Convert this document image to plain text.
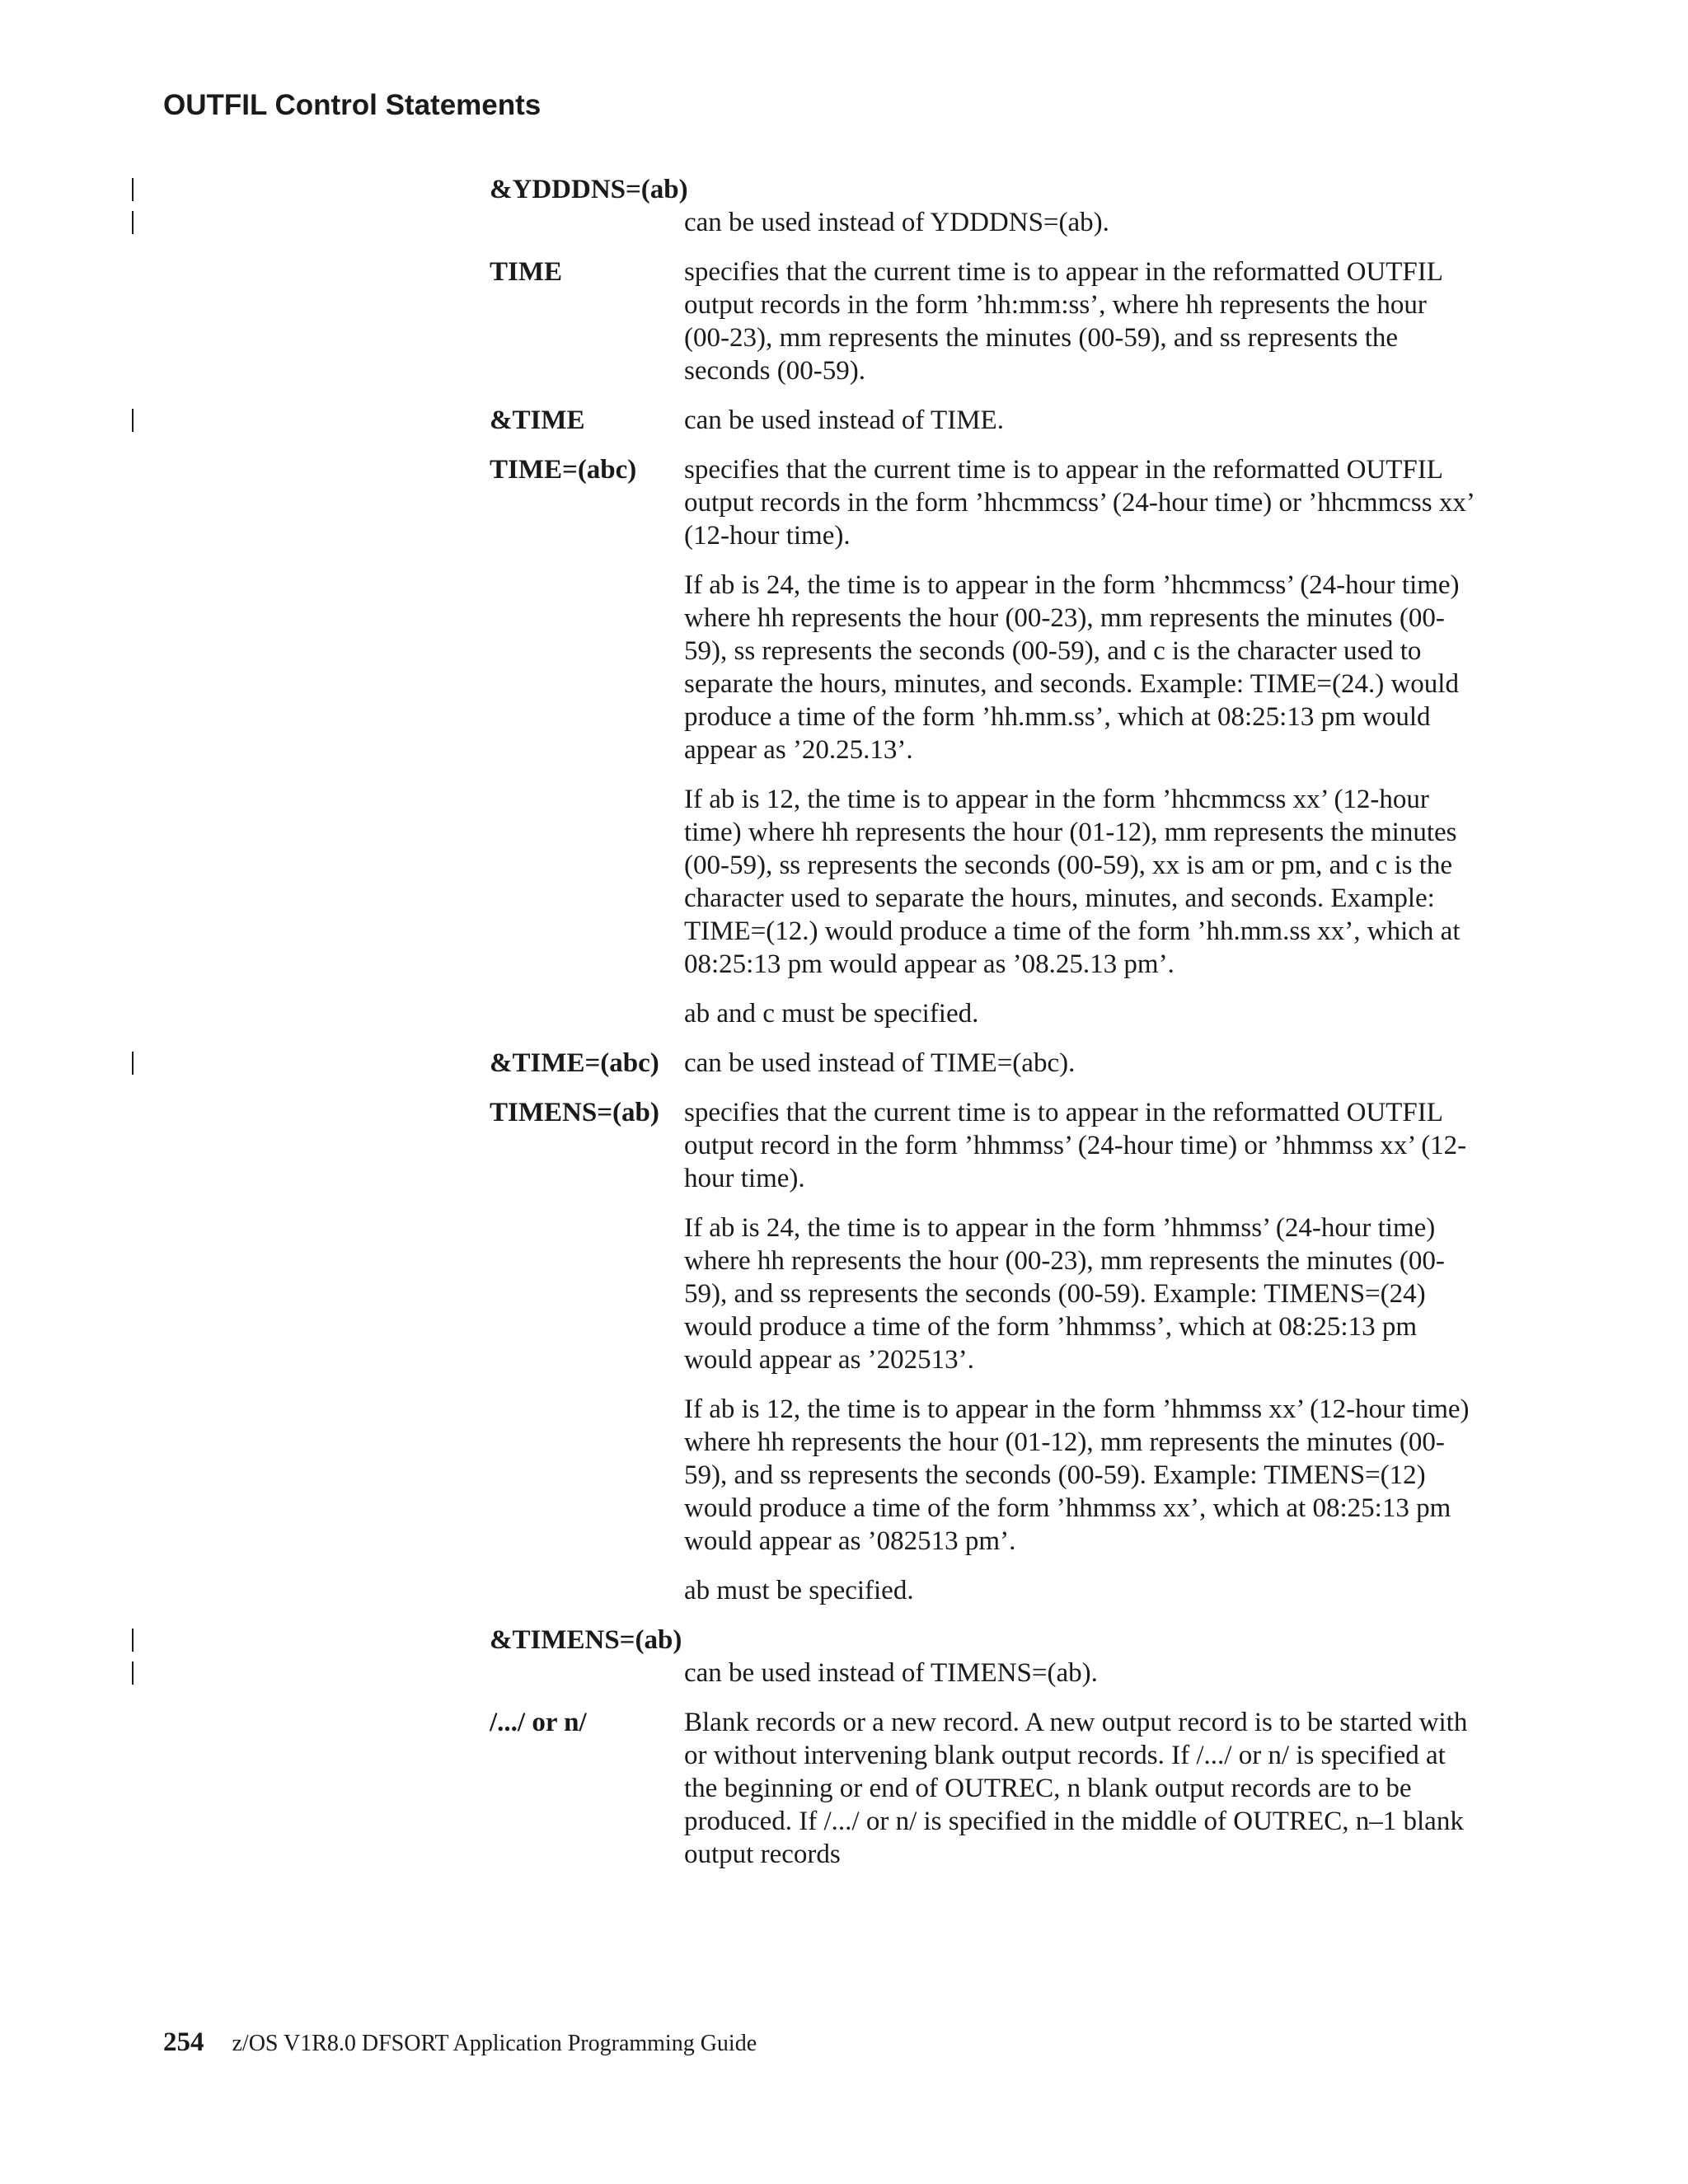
OUTFIL Control Statements
&YDDDNS=(ab)

can be used instead of YDDDNS=(ab).

TIME	specifies that the current time is to appear in the reformatted OUTFIL output records in the form ’hh:mm:ss’, where hh represents the hour (00-23), mm represents the minutes (00-59), and ss represents the seconds (00-59).

&TIME	can be used instead of TIME.

TIME=(abc) specifies that the current time is to appear in the reformatted OUTFIL output records in the form ’hhcmmcss’ (24-hour time) or ’hhcmmcss xx’ (12-hour time).

If ab is 24, the time is to appear in the form ’hhcmmcss’ (24-hour time) where hh represents the hour (00-23), mm represents the minutes (00-59), ss represents the seconds (00-59), and c is the character used to separate the hours, minutes, and seconds. Example: TIME=(24.) would produce a time of the form ’hh.mm.ss’, which at 08:25:13 pm would appear as ’20.25.13’.

If ab is 12, the time is to appear in the form ’hhcmmcss xx’ (12-hour time) where hh represents the hour (01-12), mm represents the minutes (00-59), ss represents the seconds (00-59), xx is am or pm, and c is the character used to separate the hours, minutes, and seconds. Example: TIME=(12.) would produce a time of the form ’hh.mm.ss xx’, which at 08:25:13 pm would appear as ’08.25.13 pm’.

ab and c must be specified.

&TIME=(abc) can be used instead of TIME=(abc).

TIMENS=(ab) specifies that the current time is to appear in the reformatted OUTFIL output record in the form ’hhmmss’ (24-hour time) or ’hhmmss xx’ (12-hour time).

If ab is 24, the time is to appear in the form ’hhmmss’ (24-hour time) where hh represents the hour (00-23), mm represents the minutes (00-59), and ss represents the seconds (00-59). Example: TIMENS=(24) would produce a time of the form ’hhmmss’, which at 08:25:13 pm would appear as ’202513’.

If ab is 12, the time is to appear in the form ’hhmmss xx’ (12-hour time) where hh represents the hour (01-12), mm represents the minutes (00-59), and ss represents the seconds (00-59). Example: TIMENS=(12) would produce a time of the form ’hhmmss xx’, which at 08:25:13 pm would appear as ’082513 pm’.

ab must be specified.

&TIMENS=(ab)

can be used instead of TIMENS=(ab).

/.../ or n/	Blank records or a new record. A new output record is to be started with or without intervening blank output records. If /.../ or n/ is specified at the beginning or end of OUTREC, n blank output records are to be produced. If /.../ or n/ is specified in the middle of OUTREC, n–1 blank output records

254 z/OS V1R8.0 DFSORT Application Programming Guide
